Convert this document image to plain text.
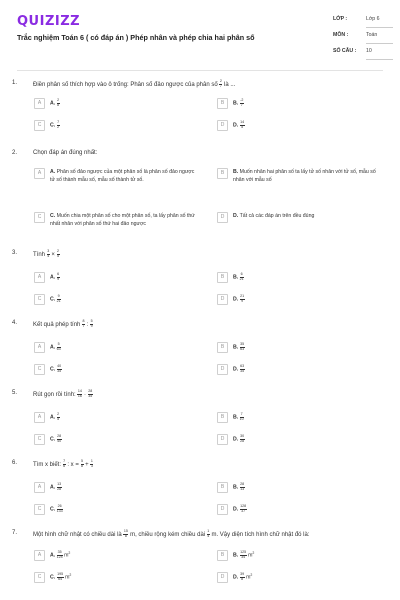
QUIZIZZ
Trắc nghiệm Toán 6 ( có đáp án ) Phép nhân và phép chia hai phân số
LỚP :	Lớp 6
MÔN :	Toán
SỐ CÂU : 10
1.	Điền phân số thích hợp vào ô trống: Phân số đảo ngược của phân số $\frac{2}{7}$ là ...
A	A. $\frac{2}{8}$	B	B. $\frac{-2}{7}$
C	C. $\frac{7}{2}$	D	D. $\frac{14}{5}$
2.	Chọn đáp án đúng nhất:
A	A. Phân số đảo ngược của một phân số là phân số đảo ngược tử số thành mẫu số, mẫu số thành tử số.
B	B. Muốn nhân hai phân số ta lấy tử số nhân với tử số, mẫu số nhân với mẫu số
C	C. Muốn chia một phân số cho một phân số, ta lấy phân số thứ nhất nhân với phân số thứ hai đảo ngược
D	D. Tất cả các đáp án trên đều đúng
3.	Tính $\frac{3}{4} \times \frac{2}{5}$
A	A. $\frac{6}{9}$	B	B. $\frac{6}{21}$
C	C. $\frac{9}{21}$	D	D. $\frac{21}{9}$
4.	Kết quả phép tính $\frac{8}{7}$ : $\frac{5}{9}$
A	A. $\frac{5}{63}$	B	B. $\frac{35}{63}$
C	C. $\frac{40}{35}$	D	D. $\frac{63}{35}$
5.	Rút gọn rồi tính: $\frac{14}{16} \cdot \frac{28}{35}$
A	A. $\frac{2}{5}$	B	B. $\frac{7}{10}$
C	C. $\frac{28}{40}$	D	D. $\frac{30}{28}$
6.	Tìm x biết: $\frac{7}{6}$ : $x = \frac{5}{8} + \frac{1}{3}$
A	A. $\frac{13}{28}$	B	B. $\frac{28}{13}$
C	C. $\frac{26}{133}$	D	D. $\frac{128}{37}$
7.	Một hình chữ nhật có chiều dài là $\frac{15}{8} m$, chiều rộng kém chiều dài $\frac{1}{4} m$. Vậy diện tích hình chữ nhật đó là:
A	A. $\frac{35}{124} m^2$	B	B. $\frac{125}{34} m^2$
C	C. $\frac{195}{64} m^2$	D	D. $\frac{39}{8} m^2$
